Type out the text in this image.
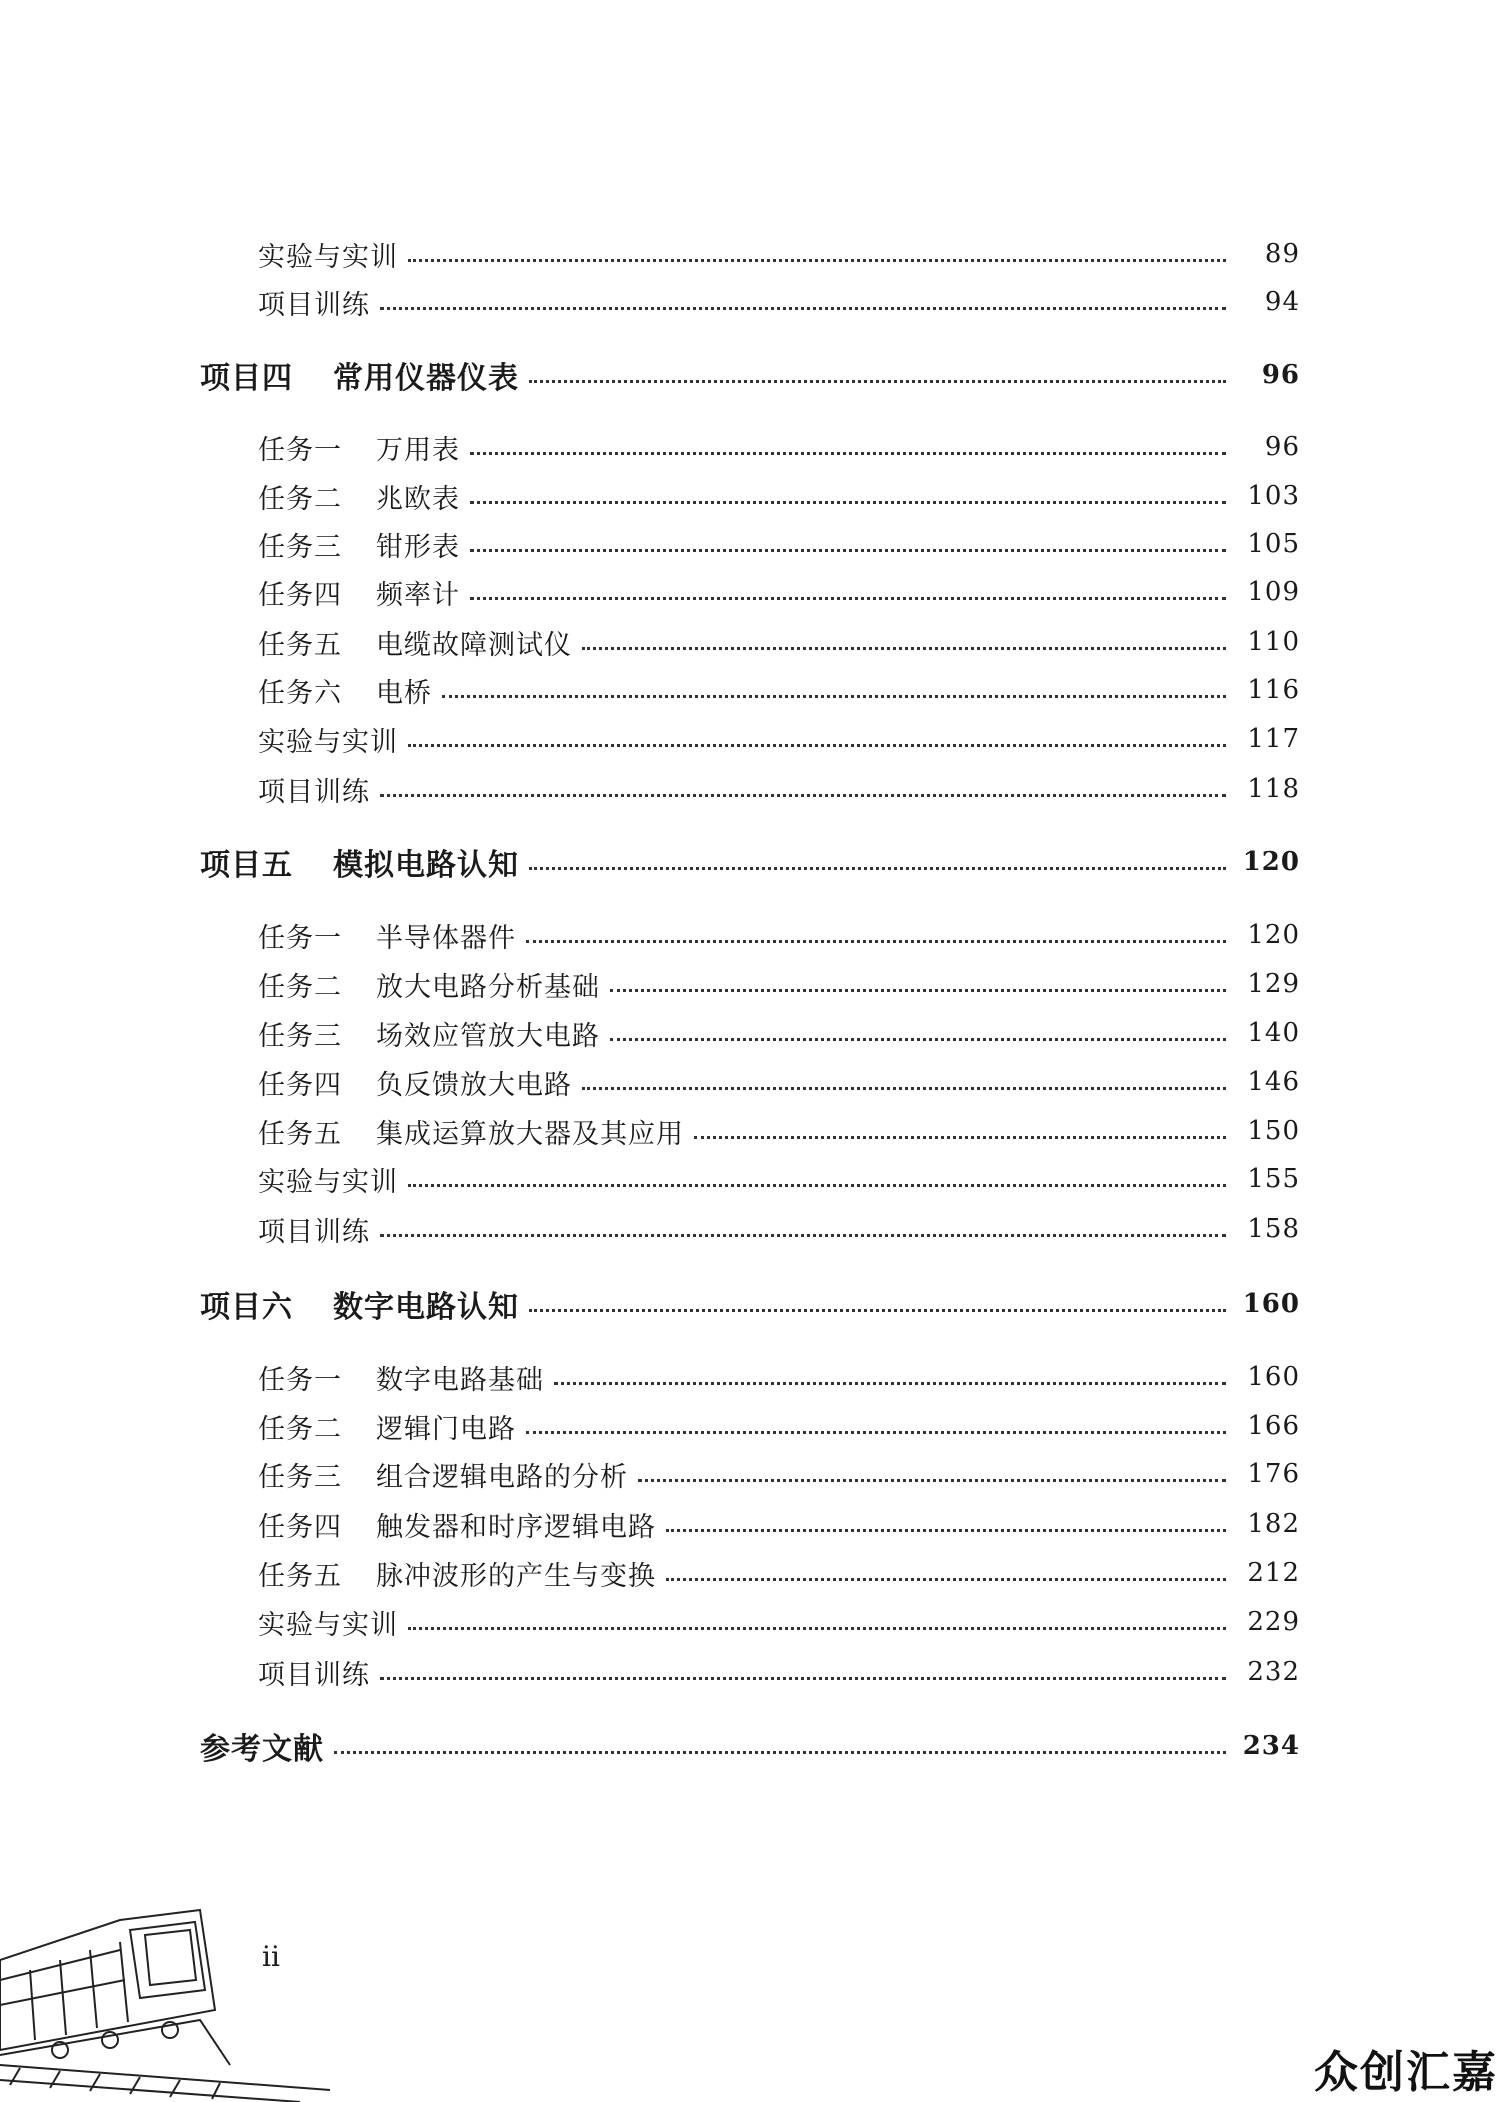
实验与实训	89
项目训练	94
项目四	常用仪器仪表	96
任务一	万用表	96
任务二	兆欧表	103
任务三	钳形表	105
任务四	频率计	109
任务五	电缆故障测试仪	110
任务六	电桥	116
实验与实训	117
项目训练	118
项目五	模拟电路认知	120
任务一	半导体器件	120
任务二	放大电路分析基础	129
任务三	场效应管放大电路	140
任务四	负反馈放大电路	146
任务五	集成运算放大器及其应用	150
实验与实训	155
项目训练	158
项目六	数字电路认知	160
任务一	数字电路基础	160
任务二	逻辑门电路	166
任务三	组合逻辑电路的分析	176
任务四	触发器和时序逻辑电路	182
任务五	脉冲波形的产生与变换	212
实验与实训	229
项目训练	232
参考文献	234
ii
众创汇嘉
